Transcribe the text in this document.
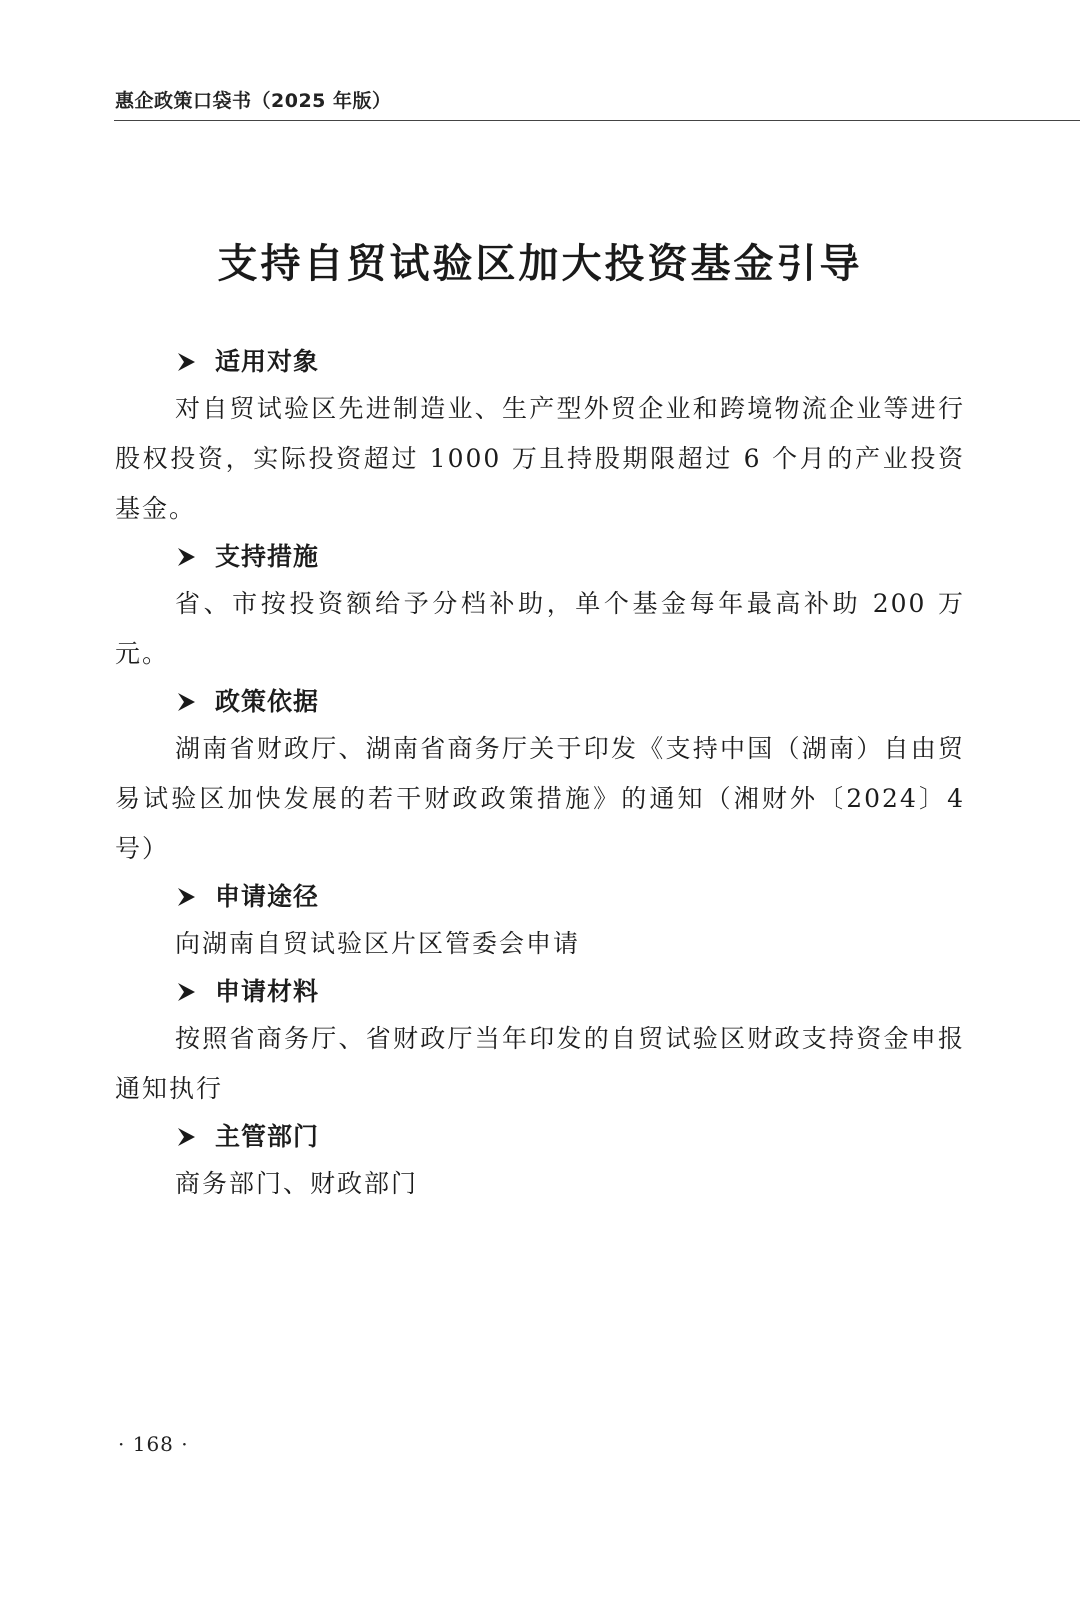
惠企政策口袋书（2025 年版）
支持自贸试验区加大投资基金引导
适用对象

对自贸试验区先进制造业、生产型外贸企业和跨境物流企业等进行股权投资，实际投资超过 1000 万且持股期限超过 6 个月的产业投资基金。

支持措施

省、市按投资额给予分档补助，单个基金每年最高补助 200 万元。

政策依据

湖南省财政厅、湖南省商务厅关于印发《支持中国（湖南）自由贸易试验区加快发展的若干财政政策措施》的通知（湘财外〔2024〕4 号）

申请途径

向湖南自贸试验区片区管委会申请

申请材料

按照省商务厅、省财政厅当年印发的自贸试验区财政支持资金申报通知执行

主管部门

商务部门、财政部门

· 168 ·
